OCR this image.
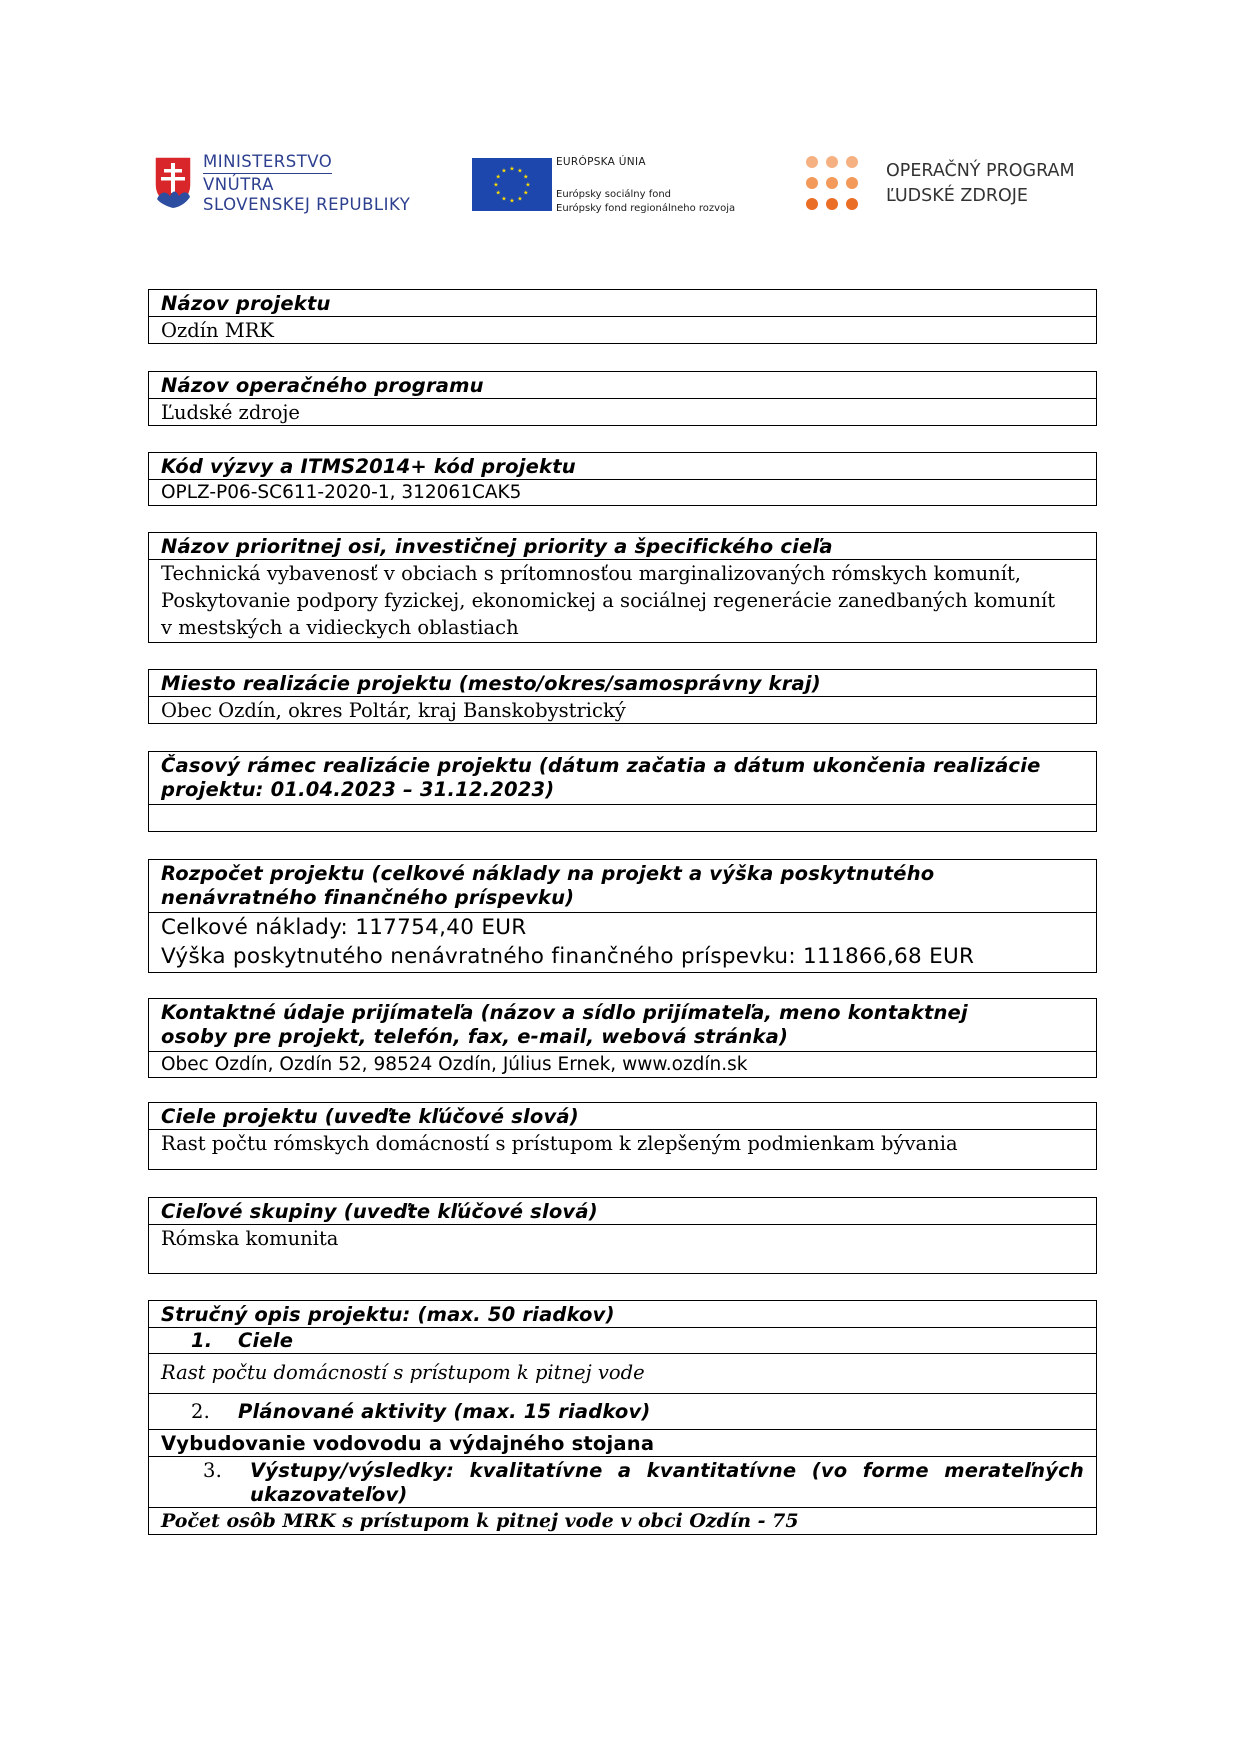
MINISTERSTVO
VNÚTRA
SLOVENSKEJ REPUBLIKY
★
★
★
★
★
★
★
★
★ ★ ★
★
EURÓPSKA ÚNIA
Európsky sociálny fond
Európsky fond regionálneho rozvoja
OPERAČNÝ PROGRAM
ĽUDSKÉ ZDROJE
Názov projektu
Ozdín MRK
Názov operačného programu
Ľudské zdroje
Kód výzvy a ITMS2014+ kód projektu
OPLZ-P06-SC611-2020-1, 312061CAK5
Názov prioritnej osi, investičnej priority a špecifického cieľa
Technická vybavenosť v obciach s prítomnosťou marginalizovaných rómskych komunít,
Poskytovanie podpory fyzickej, ekonomickej a sociálnej regenerácie zanedbaných komunít
v mestských a vidieckych oblastiach
Miesto realizácie projektu (mesto/okres/samosprávny kraj)
Obec Ozdín, okres Poltár, kraj Banskobystrický
Časový rámec realizácie projektu (dátum začatia a dátum ukončenia realizácie
projektu: 01.04.2023 – 31.12.2023)
Rozpočet projektu (celkové náklady na projekt a výška poskytnutého
nenávratného finančného príspevku)
Celkové náklady: 117754,40 EUR
Výška poskytnutého nenávratného finančného príspevku: 111866,68 EUR
Kontaktné údaje prijímateľa (názov a sídlo prijímateľa, meno kontaktnej
osoby pre projekt, telefón, fax, e-mail, webová stránka)
Obec Ozdín, Ozdín 52, 98524 Ozdín, Július Ernek, www.ozdín.sk
Ciele projektu (uveďte kľúčové slová)
Rast počtu rómskych domácností s prístupom k zlepšeným podmienkam bývania
Cieľové skupiny (uveďte kľúčové slová)
Rómska komunita
Stručný opis projektu: (max. 50 riadkov)
1. Ciele
Rast počtu domácností s prístupom k pitnej vode
2. Plánované aktivity (max. 15 riadkov)
Vybudovanie vodovodu a výdajného stojana
3.	Výstupy/výsledky: kvalitatívne a kvantitatívne (vo forme merateľných
ukazovateľov)
Počet osôb MRK s prístupom k pitnej vode v obci Ozdín - 75
